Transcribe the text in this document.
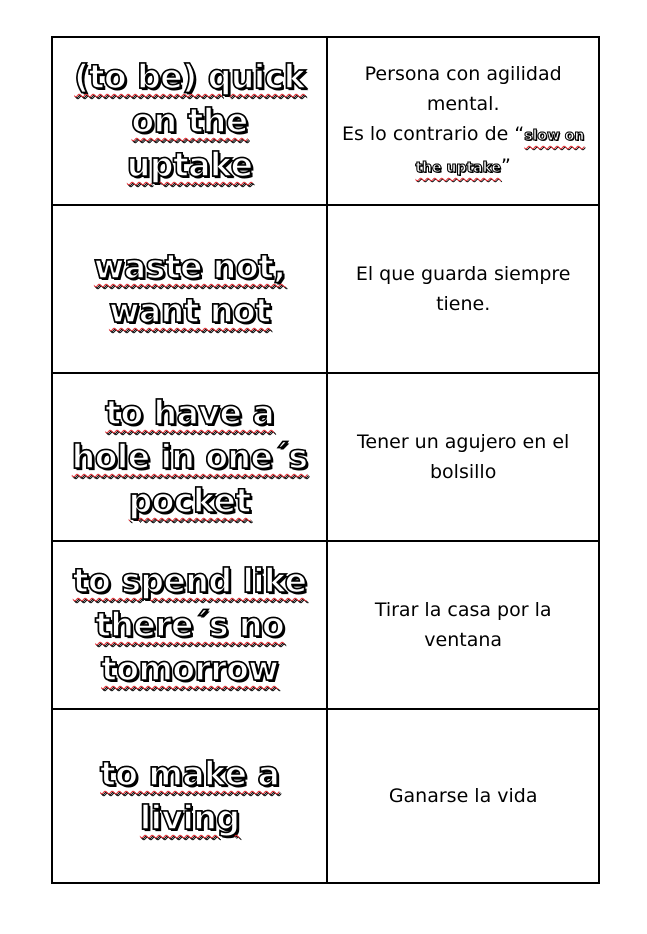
(to be) quick
on the
uptake	Persona con agilidad mental.
Es lo contrario de “slow on the uptake”

waste not,
want not	El que guarda siempre tiene.

to have a
hole in one´s
pocket	Tener un agujero en el bolsillo

to spend like
there´s no
tomorrow	Tirar la casa por la ventana

to make a
living	Ganarse la vida
